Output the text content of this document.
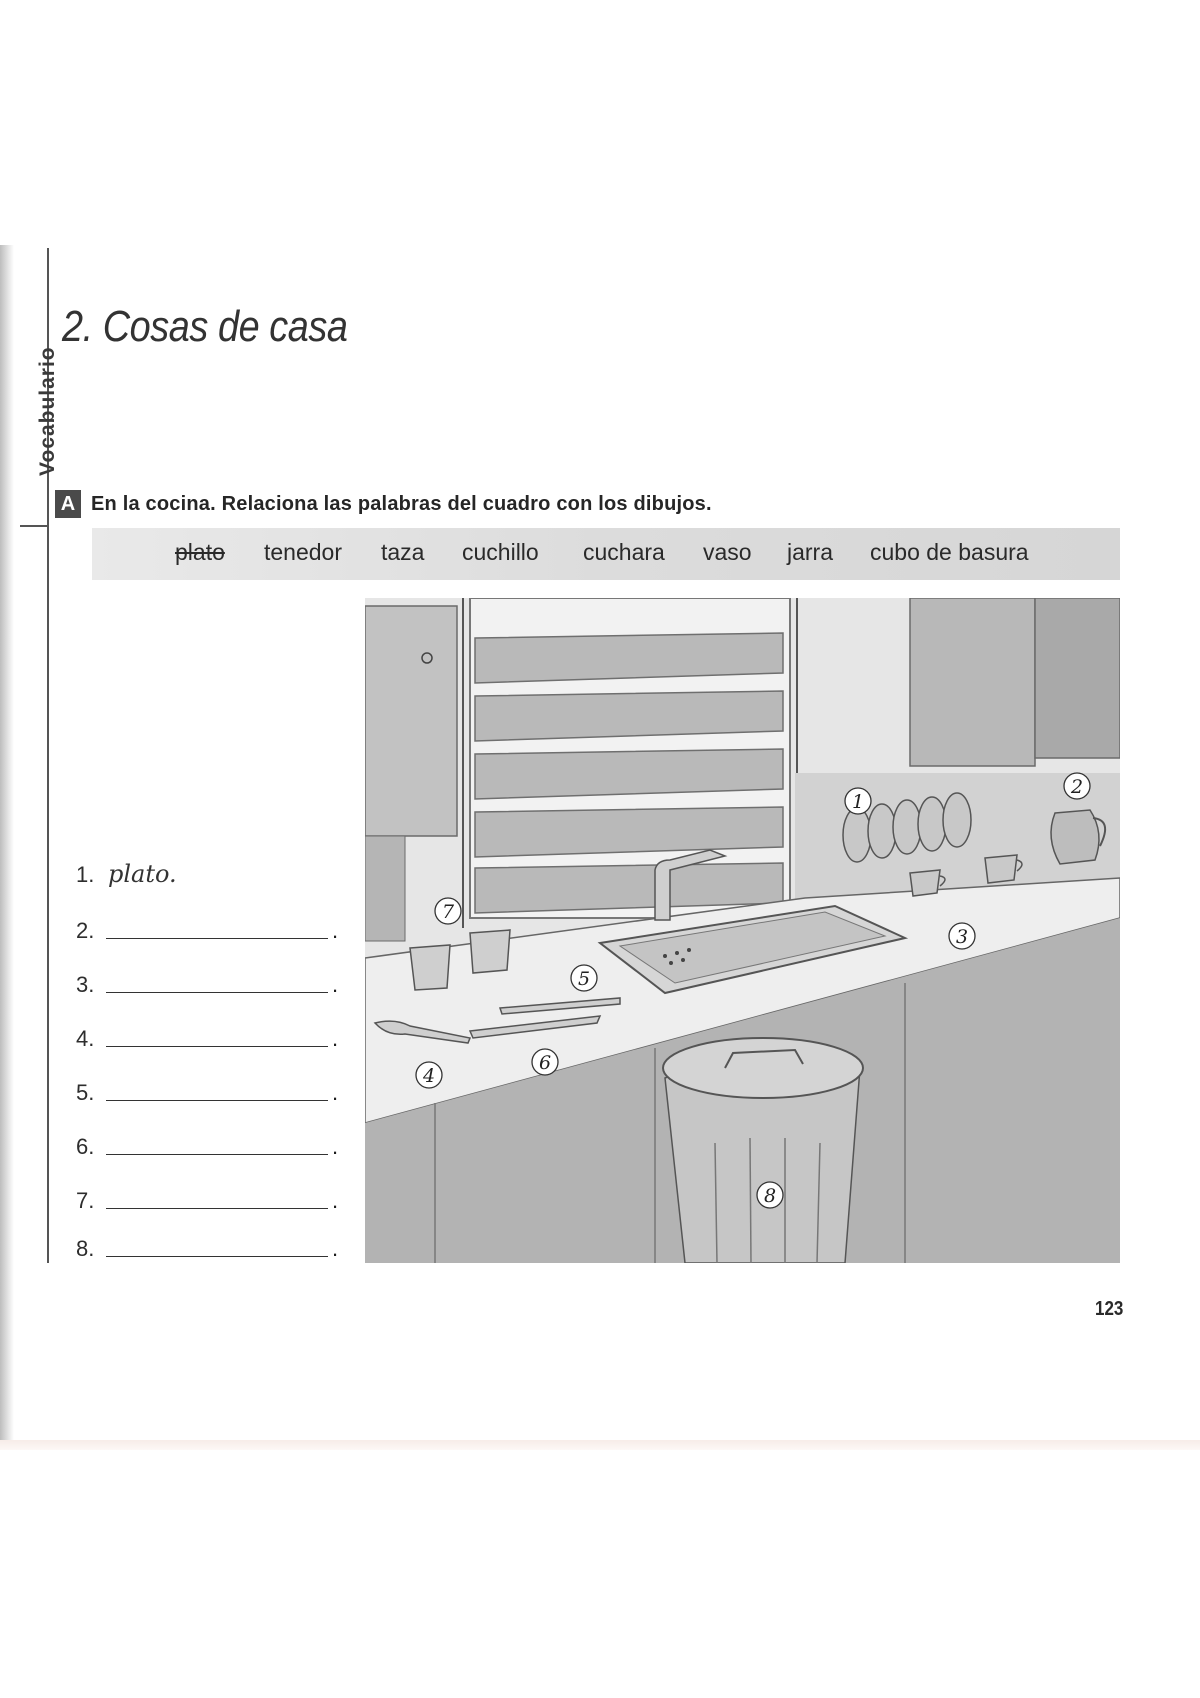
Vocabulario
2. Cosas de casa
A En la cocina. Relaciona las palabras del cuadro con los dibujos.
plato tenedor taza cuchillo cuchara vaso jarra cubo de basura
1. plato.
2.	.
3.	.
4.	.
5.	.
6.	.
7.	.
8.	.
1
2
3
4
5
6
7
8
123
